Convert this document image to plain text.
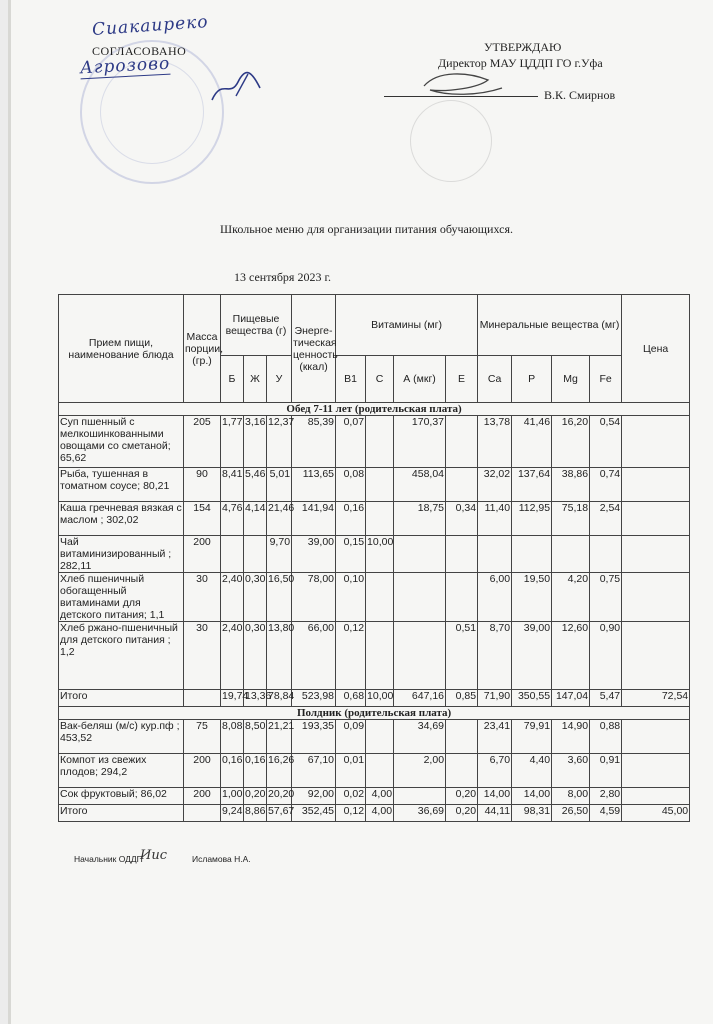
Сиакаиреко
СОГЛАСОВАНО
Агрозово
УТВЕРЖДАЮ
Директор МАУ ЦДДП ГО г.Уфа
В.К. Смирнов
Школьное меню для организации питания обучающихся.
13 сентября 2023 г.
Прием пищи, наименование блюда	Масса порции, (гр.)	Пищевые вещества (г)			Энерге-тическая ценность (ккал)	Витамины (мг)				Минеральные вещества (мг)				Цена
		Б	Ж	У		B1	C	А (мкг)	Е	Ca	P	Mg	Fe	
Обед 7-11 лет (родительская плата)														
Суп пшенный с мелкошинкованными овощами со сметаной; 65,62	205	1,77	3,16	12,37	85,39	0,07		170,37		13,78	41,46	16,20	0,54	
Рыба, тушенная в томатном соусе; 80,21	90	8,41	5,46	5,01	113,65	0,08		458,04		32,02	137,64	38,86	0,74	
Каша гречневая вязкая с маслом ; 302,02	154	4,76	4,14	21,46	141,94	0,16		18,75	0,34	11,40	112,95	75,18	2,54	
Чай витаминизированный ; 282,11	200			9,70	39,00	0,15	10,00							
Хлеб пшеничный обогащенный витаминами для детского питания; 1,1	30	2,40	0,30	16,50	78,00	0,10				6,00	19,50	4,20	0,75	
Хлеб ржано-пшеничный для детского питания ; 1,2	30	2,40	0,30	13,80	66,00	0,12			0,51	8,70	39,00	12,60	0,90	
Итого		19,74	13,36	78,84	523,98	0,68	10,00	647,16	0,85	71,90	350,55	147,04	5,47	72,54
Полдник (родительская плата)														
Вак-беляш (м/с) кур.пф ; 453,52	75	8,08	8,50	21,21	193,35	0,09		34,69		23,41	79,91	14,90	0,88	
Компот из свежих плодов; 294,2	200	0,16	0,16	16,26	67,10	0,01		2,00		6,70	4,40	3,60	0,91	
Сок фруктовый; 86,02	200	1,00	0,20	20,20	92,00	0,02	4,00		0,20	14,00	14,00	8,00	2,80	
Итого		9,24	8,86	57,67	352,45	0,12	4,00	36,69	0,20	44,11	98,31	26,50	4,59	45,00
Начальник ОДДП
Иис	Исламова Н.А.
